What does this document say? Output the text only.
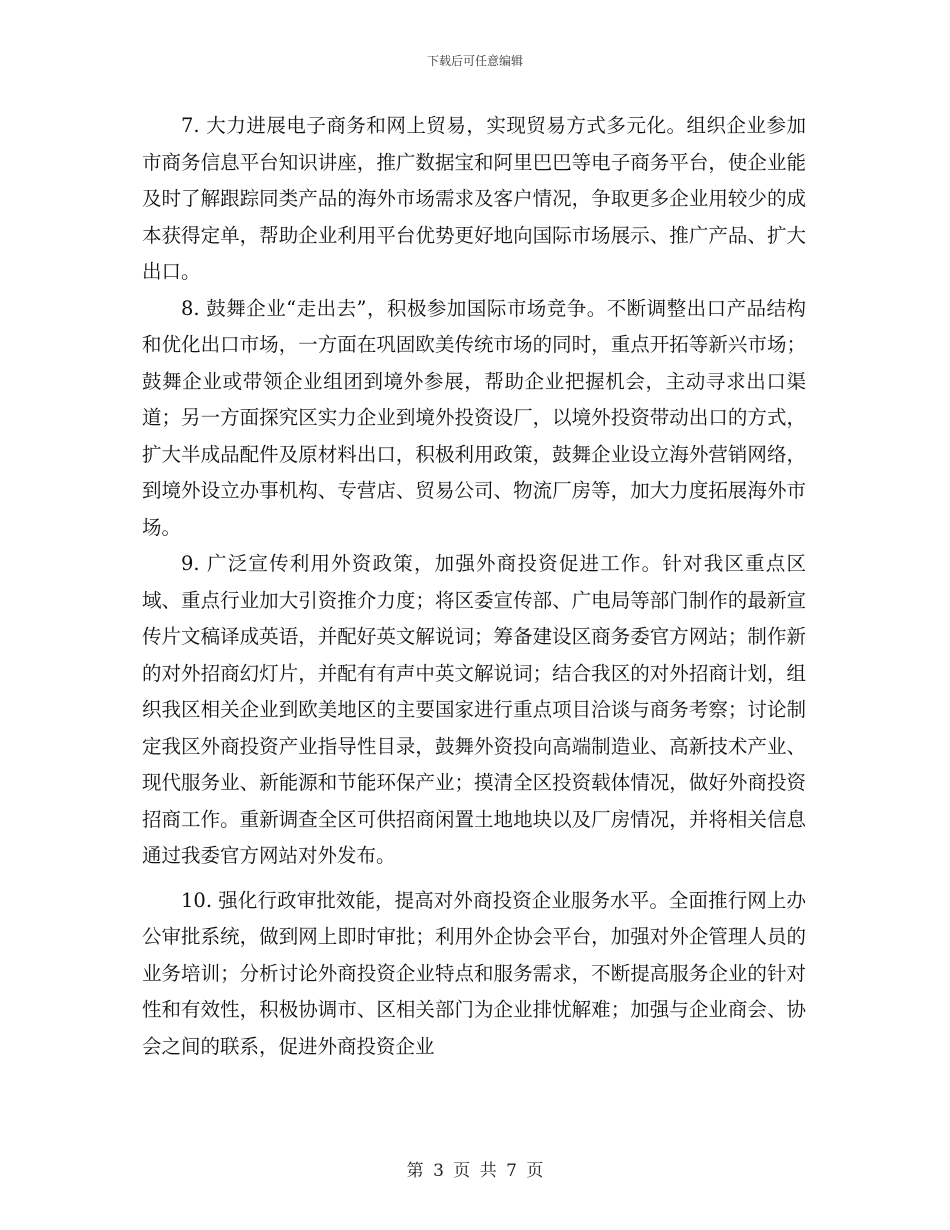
下载后可任意编辑

7. 大力进展电子商务和网上贸易，实现贸易方式多元化。组织企业参加市商务信息平台知识讲座，推广数据宝和阿里巴巴等电子商务平台，使企业能及时了解跟踪同类产品的海外市场需求及客户情况，争取更多企业用较少的成本获得定单，帮助企业利用平台优势更好地向国际市场展示、推广产品、扩大出口。

8. 鼓舞企业“走出去”，积极参加国际市场竞争。不断调整出口产品结构和优化出口市场，一方面在巩固欧美传统市场的同时，重点开拓等新兴市场；鼓舞企业或带领企业组团到境外参展，帮助企业把握机会，主动寻求出口渠道；另一方面探究区实力企业到境外投资设厂，以境外投资带动出口的方式，扩大半成品配件及原材料出口，积极利用政策，鼓舞企业设立海外营销网络，到境外设立办事机构、专营店、贸易公司、物流厂房等，加大力度拓展海外市场。

9. 广泛宣传利用外资政策，加强外商投资促进工作。针对我区重点区域、重点行业加大引资推介力度；将区委宣传部、广电局等部门制作的最新宣传片文稿译成英语，并配好英文解说词；筹备建设区商务委官方网站；制作新的对外招商幻灯片，并配有有声中英文解说词；结合我区的对外招商计划，组织我区相关企业到欧美地区的主要国家进行重点项目洽谈与商务考察；讨论制定我区外商投资产业指导性目录，鼓舞外资投向高端制造业、高新技术产业、现代服务业、新能源和节能环保产业；摸清全区投资载体情况，做好外商投资招商工作。重新调查全区可供招商闲置土地地块以及厂房情况，并将相关信息通过我委官方网站对外发布。

10. 强化行政审批效能，提高对外商投资企业服务水平。全面推行网上办公审批系统，做到网上即时审批；利用外企协会平台，加强对外企管理人员的业务培训；分析讨论外商投资企业特点和服务需求，不断提高服务企业的针对性和有效性，积极协调市、区相关部门为企业排忧解难；加强与企业商会、协会之间的联系，促进外商投资企业

第 3 页 共 7 页
